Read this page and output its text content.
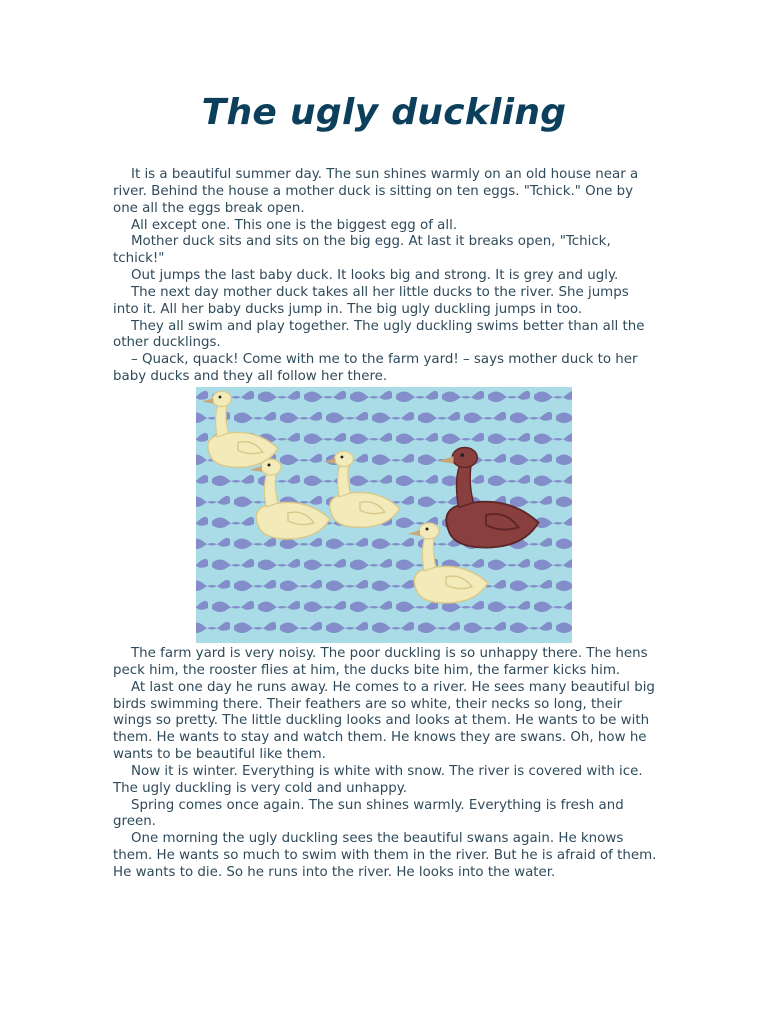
The ugly duckling

It is a beautiful summer day. The sun shines warmly on an old house near a river. Behind the house a mother duck is sitting on ten eggs. "Tchick." One by one all the eggs break open.

All except one. This one is the biggest egg of all.

Mother duck sits and sits on the big egg. At last it breaks open, "Tchick, tchick!"

Out jumps the last baby duck. It looks big and strong. It is grey and ugly.

The next day mother duck takes all her little ducks to the river. She jumps into it. All her baby ducks jump in. The big ugly duckling jumps in too.

They all swim and play together. The ugly duckling swims better than all the other ducklings.

– Quack, quack! Come with me to the farm yard! – says mother duck to her baby ducks and they all follow her there.

The farm yard is very noisy. The poor duckling is so unhappy there. The hens peck him, the rooster flies at him, the ducks bite him, the farmer kicks him.

At last one day he runs away. He comes to a river. He sees many beautiful big birds swimming there. Their feathers are so white, their necks so long, their wings so pretty. The little duckling looks and looks at them. He wants to be with them. He wants to stay and watch them. He knows they are swans. Oh, how he wants to be beautiful like them.

Now it is winter. Everything is white with snow. The river is covered with ice. The ugly duckling is very cold and unhappy.

Spring comes once again. The sun shines warmly. Everything is fresh and green.

One morning the ugly duckling sees the beautiful swans again. He knows them. He wants so much to swim with them in the river. But he is afraid of them. He wants to die. So he runs into the river. He looks into the water.
